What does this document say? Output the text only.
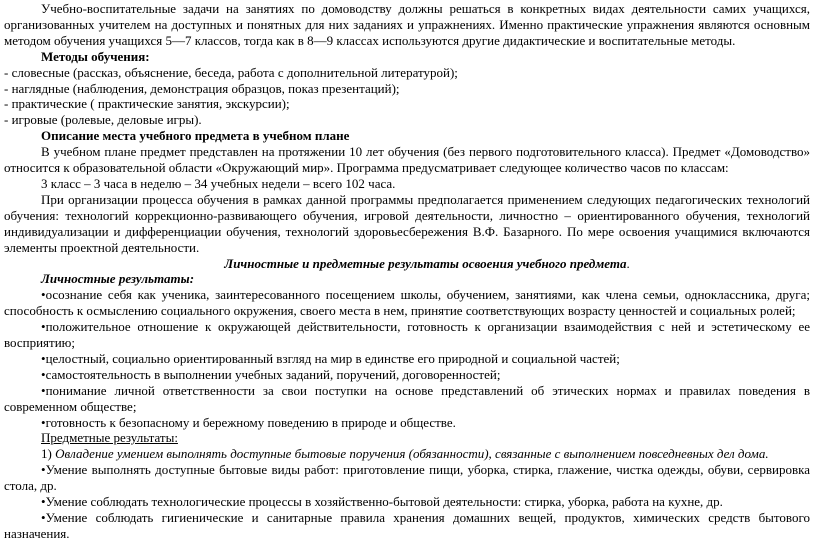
Учебно-воспитательные задачи на занятиях по домоводству должны решаться в конкретных видах деятельности самих учащихся, организованных учителем на доступных и понятных для них заданиях и упражнениях. Именно практические упражнения являются основным методом обучения учащихся 5—7 классов, тогда как в 8—9 классах используются другие дидактические и воспитательные методы.

Методы обучения:

- словесные (рассказ, объяснение, беседа, работа с дополнительной литературой);

- наглядные (наблюдения, демонстрация образцов, показ презентаций);

- практические ( практические занятия, экскурсии);

- игровые (ролевые, деловые игры).

Описание места учебного предмета в учебном плане

В учебном плане предмет представлен на протяжении 10 лет обучения (без первого подготовительного класса). Предмет «Домоводство» относится к образовательной области «Окружающий мир». Программа предусматривает следующее количество часов по классам:

3 класс – 3 часа в неделю – 34 учебных недели – всего 102 часа.

При организации процесса обучения в рамках данной программы предполагается применением следующих педагогических технологий обучения: технологий коррекционно-развивающего обучения, игровой деятельности, личностно – ориентированного обучения, технологий индивидуализации и дифференциации обучения, технологий здоровьесбережения В.Ф. Базарного. По мере освоения учащимися включаются элементы проектной деятельности.

Личностные и предметные результаты освоения учебного предмета.

Личностные результаты:

•осознание себя как ученика, заинтересованного посещением школы, обучением, занятиями, как члена семьи, одноклассника, друга; способность к осмыслению социального окружения, своего места в нем, принятие соответствующих возрасту ценностей и социальных ролей;

•положительное отношение к окружающей действительности, готовность к организации взаимодействия с ней и эстетическому ее восприятию;

•целостный, социально ориентированный взгляд на мир в единстве его природной и социальной частей;

•самостоятельность в выполнении учебных заданий, поручений, договоренностей;

•понимание личной ответственности за свои поступки на основе представлений об этических нормах и правилах поведения в современном обществе;

•готовность к безопасному и бережному поведению в природе и обществе.

Предметные результаты:

1) Овладение умением выполнять доступные бытовые поручения (обязанности), связанные с выполнением повседневных дел дома.

•Умение выполнять доступные бытовые виды работ: приготовление пищи, уборка, стирка, глажение, чистка одежды, обуви, сервировка стола, др.

•Умение соблюдать технологические процессы в хозяйственно-бытовой деятельности: стирка, уборка, работа на кухне, др.

•Умение соблюдать гигиенические и санитарные правила хранения домашних вещей, продуктов, химических средств бытового назначения.
